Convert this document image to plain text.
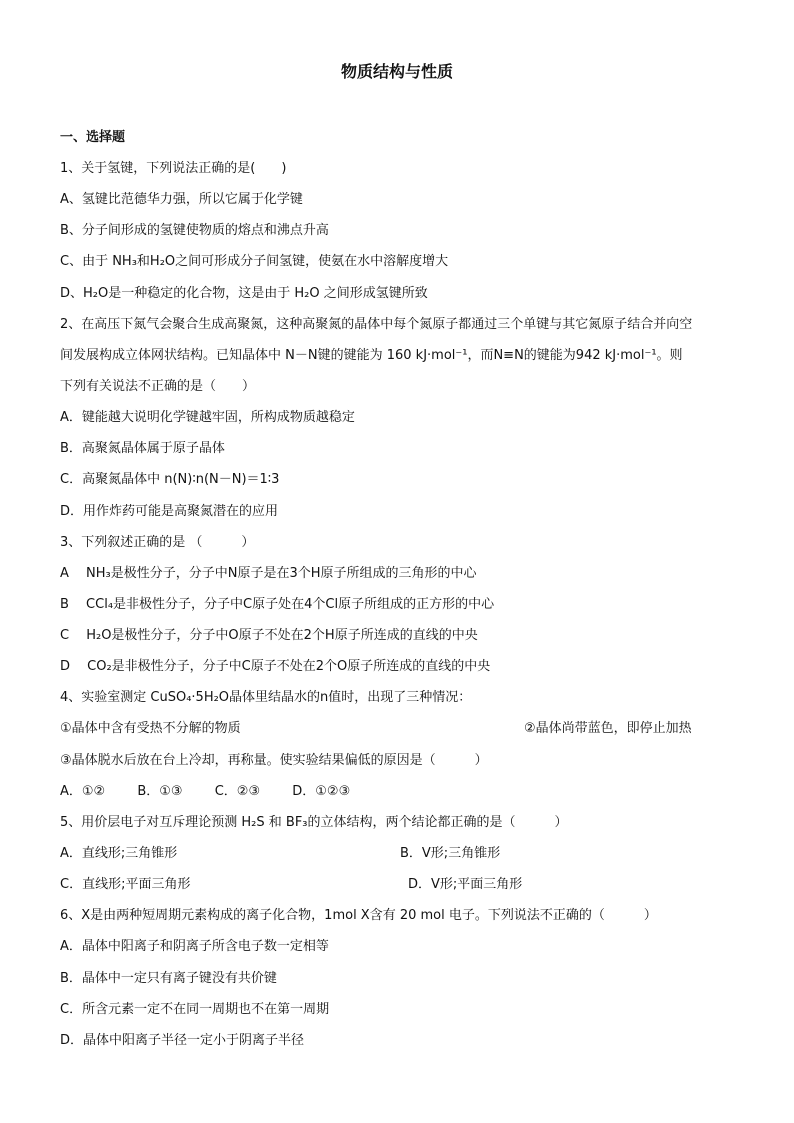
物质结构与性质
一、选择题
1、关于氢键，下列说法正确的是(　　)
A、氢键比范德华力强，所以它属于化学键
B、分子间形成的氢键使物质的熔点和沸点升高
C、由于 NH₃和H₂O之间可形成分子间氢键，使氨在水中溶解度增大
D、H₂O是一种稳定的化合物，这是由于 H₂O 之间形成氢键所致
2、在高压下氮气会聚合生成高聚氮，这种高聚氮的晶体中每个氮原子都通过三个单键与其它氮原子结合并向空
间发展构成立体网状结构。已知晶体中 N－N键的键能为 160 kJ·mol⁻¹，而N≡N的键能为942 kJ·mol⁻¹。则
下列有关说法不正确的是（　　）
A．键能越大说明化学键越牢固，所构成物质越稳定
B．高聚氮晶体属于原子晶体
C．高聚氮晶体中 n(N)∶n(N－N)＝1∶3
D．用作炸药可能是高聚氮潜在的应用
3、下列叙述正确的是 （　　　）
A　 NH₃是极性分子，分子中N原子是在3个H原子所组成的三角形的中心
B　 CCl₄是非极性分子，分子中C原子处在4个Cl原子所组成的正方形的中心
C　 H₂O是极性分子，分子中O原子不处在2个H原子所连成的直线的中央
D　 CO₂是非极性分子，分子中C原子不处在2个O原子所连成的直线的中央
4、实验室测定 CuSO₄·5H₂O晶体里结晶水的n值时，出现了三种情况：
①晶体中含有受热不分解的物质	②晶体尚带蓝色，即停止加热
③晶体脱水后放在台上冷却，再称量。使实验结果偏低的原因是（　　　）
A．①② B．①③ C．②③ D．①②③
5、用价层电子对互斥理论预测 H₂S 和 BF₃的立体结构，两个结论都正确的是（　　　）
A．直线形;三角锥形	B．V形;三角锥形
C．直线形;平面三角形	D．V形;平面三角形
6、X是由两种短周期元素构成的离子化合物，1mol X含有 20 mol 电子。下列说法不正确的（　　　）
A．晶体中阳离子和阴离子所含电子数一定相等
B．晶体中一定只有离子键没有共价键
C．所含元素一定不在同一周期也不在第一周期
D．晶体中阳离子半径一定小于阴离子半径
